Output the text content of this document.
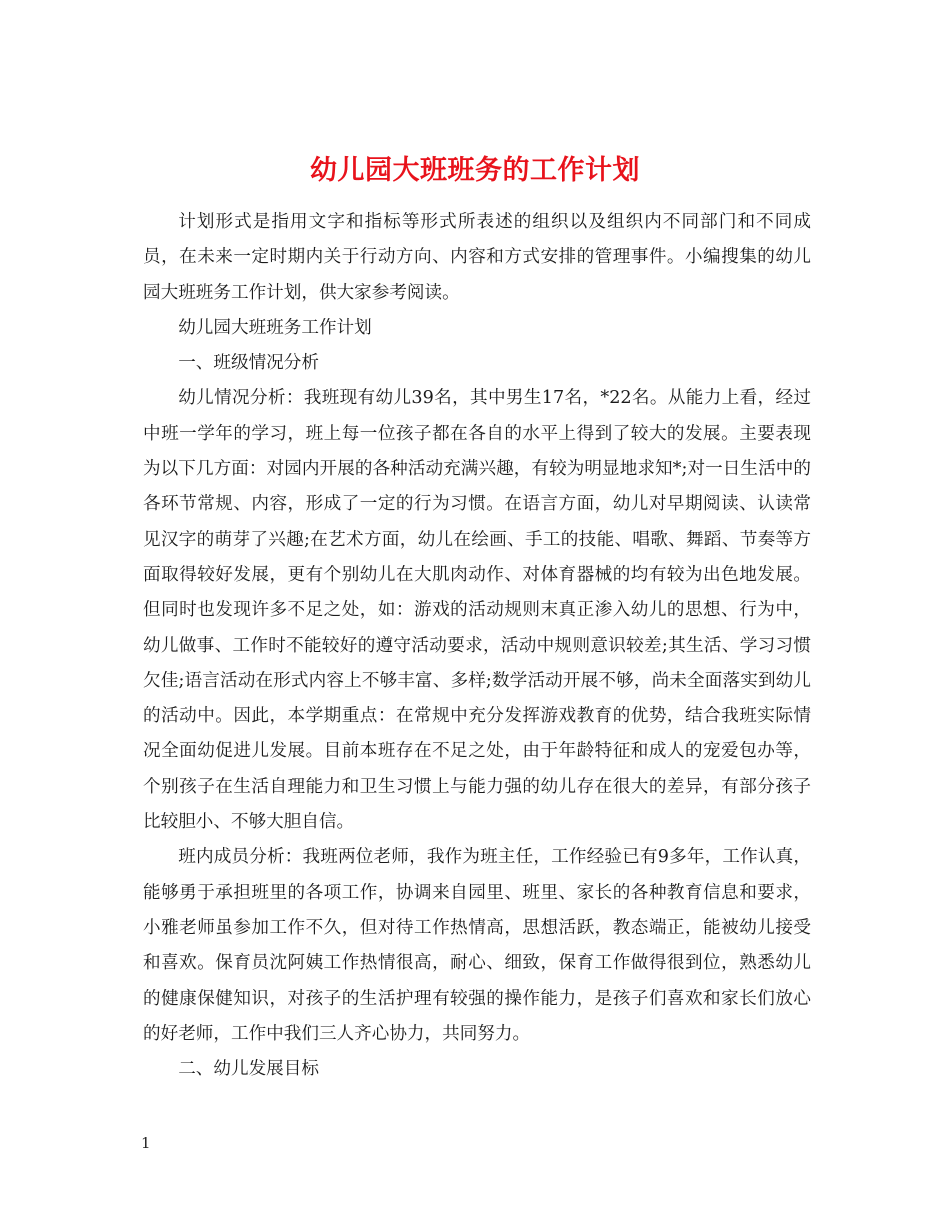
幼儿园大班班务的工作计划

计划形式是指用文字和指标等形式所表述的组织以及组织内不同部门和不同成员，在未来一定时期内关于行动方向、内容和方式安排的管理事件。小编搜集的幼儿园大班班务工作计划，供大家参考阅读。

幼儿园大班班务工作计划

一、班级情况分析

幼儿情况分析：我班现有幼儿39名，其中男生17名，*22名。从能力上看，经过中班一学年的学习，班上每一位孩子都在各自的水平上得到了较大的发展。主要表现为以下几方面：对园内开展的各种活动充满兴趣，有较为明显地求知*;对一日生活中的各环节常规、内容，形成了一定的行为习惯。在语言方面，幼儿对早期阅读、认读常见汉字的萌芽了兴趣;在艺术方面，幼儿在绘画、手工的技能、唱歌、舞蹈、节奏等方面取得较好发展，更有个别幼儿在大肌肉动作、对体育器械的均有较为出色地发展。但同时也发现许多不足之处，如：游戏的活动规则末真正渗入幼儿的思想、行为中，幼儿做事、工作时不能较好的遵守活动要求，活动中规则意识较差;其生活、学习习惯欠佳;语言活动在形式内容上不够丰富、多样;数学活动开展不够，尚未全面落实到幼儿的活动中。因此，本学期重点：在常规中充分发挥游戏教育的优势，结合我班实际情况全面幼促进儿发展。目前本班存在不足之处，由于年龄特征和成人的宠爱包办等，个别孩子在生活自理能力和卫生习惯上与能力强的幼儿存在很大的差异，有部分孩子比较胆小、不够大胆自信。

班内成员分析：我班两位老师，我作为班主任，工作经验已有9多年，工作认真，能够勇于承担班里的各项工作，协调来自园里、班里、家长的各种教育信息和要求，小雅老师虽参加工作不久，但对待工作热情高，思想活跃，教态端正，能被幼儿接受和喜欢。保育员沈阿姨工作热情很高，耐心、细致，保育工作做得很到位，熟悉幼儿的健康保健知识，对孩子的生活护理有较强的操作能力，是孩子们喜欢和家长们放心的好老师，工作中我们三人齐心协力，共同努力。

二、幼儿发展目标

1
